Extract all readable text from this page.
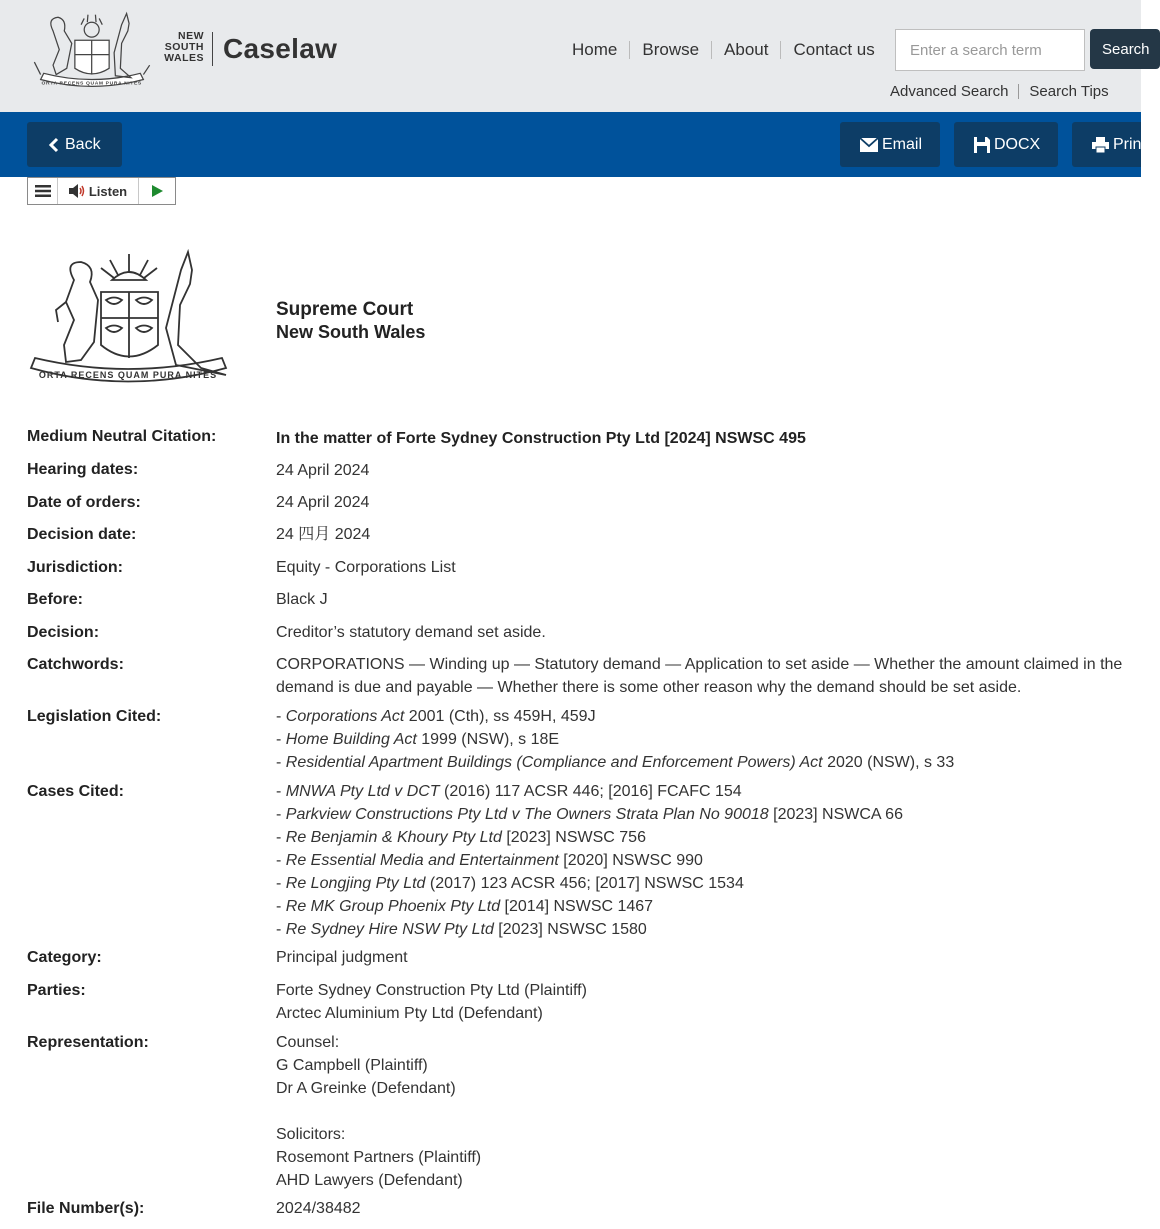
ORTA RECENS QUAM PURA NITES
NEW
SOUTH
WALES Caselaw	Home	Browse	About	Contact us
Enter a search term	Search
Advanced Search Search Tips
Back	Email	DOCX	Print
Listen
ORTA RECENS QUAM PURA NITES
Supreme Court
New South Wales
Medium Neutral Citation:	In the matter of Forte Sydney Construction Pty Ltd [2024] NSWSC 495
Hearing dates:	24 April 2024
Date of orders:	24 April 2024
Decision date:	24 四月 2024
Jurisdiction:	Equity - Corporations List
Before:	Black J
Decision:	Creditor’s statutory demand set aside.
Catchwords:	CORPORATIONS — Winding up — Statutory demand — Application to set aside — Whether the amount claimed in the demand is due and payable — Whether there is some other reason why the demand should be set aside.
Legislation Cited:	- Corporations Act 2001 (Cth), ss 459H, 459J
- Home Building Act 1999 (NSW), s 18E
- Residential Apartment Buildings (Compliance and Enforcement Powers) Act 2020 (NSW), s 33
Cases Cited:	- MNWA Pty Ltd v DCT (2016) 117 ACSR 446; [2016] FCAFC 154
- Parkview Constructions Pty Ltd v The Owners Strata Plan No 90018 [2023] NSWCA 66
- Re Benjamin & Khoury Pty Ltd [2023] NSWSC 756
- Re Essential Media and Entertainment [2020] NSWSC 990
- Re Longjing Pty Ltd (2017) 123 ACSR 456; [2017] NSWSC 1534
- Re MK Group Phoenix Pty Ltd [2014] NSWSC 1467
- Re Sydney Hire NSW Pty Ltd [2023] NSWSC 1580
Category:	Principal judgment
Parties:	Forte Sydney Construction Pty Ltd (Plaintiff)
Arctec Aluminium Pty Ltd (Defendant)
Representation:	Counsel:
G Campbell (Plaintiff)
Dr A Greinke (Defendant)

Solicitors:
Rosemont Partners (Plaintiff)
AHD Lawyers (Defendant)
File Number(s):	2024/38482
